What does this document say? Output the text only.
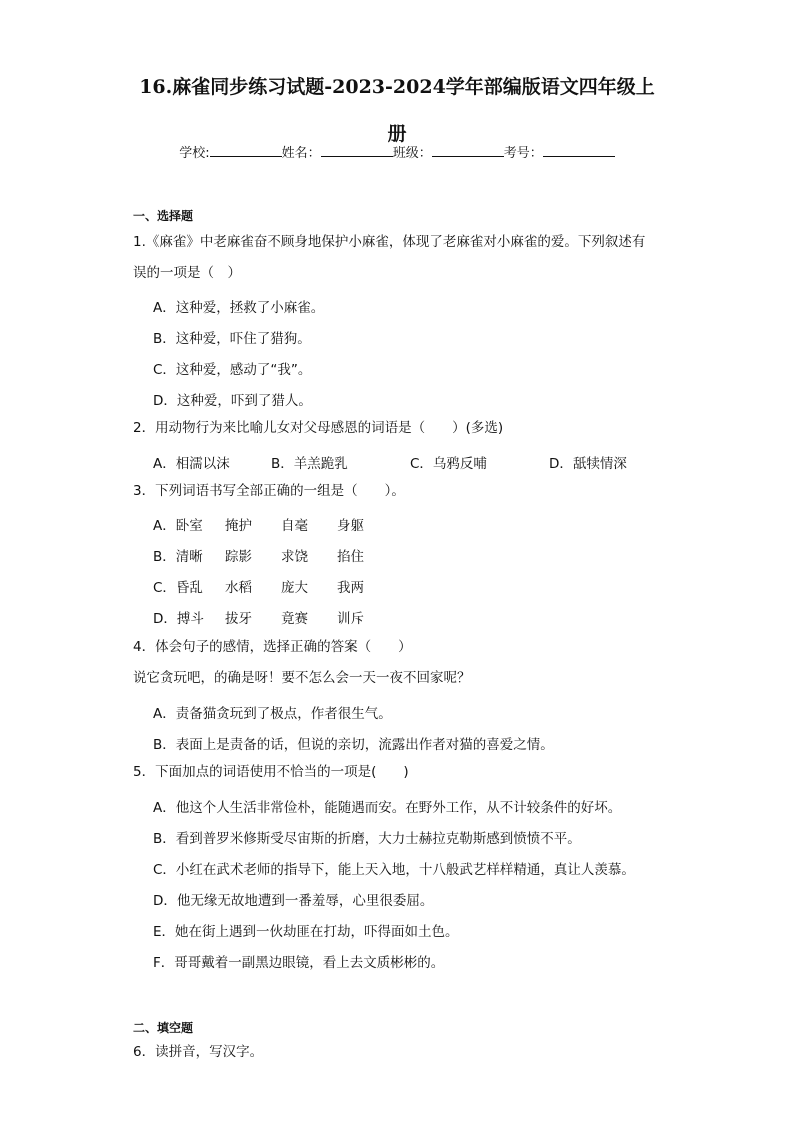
16.麻雀同步练习试题-2023-2024学年部编版语文四年级上
册
学校:	姓名：	班级：	考号：
一、选择题
1.《麻雀》中老麻雀奋不顾身地保护小麻雀，体现了老麻雀对小麻雀的爱。下列叙述有
误的一项是（　）
A．这种爱，拯救了小麻雀。
B．这种爱，吓住了猎狗。
C．这种爱，感动了“我”。
D．这种爱，吓到了猎人。
2．用动物行为来比喻儿女对父母感恩的词语是（　　）(多选)
A．相濡以沫	B．羊羔跪乳	C．乌鸦反哺	D．舐犊情深
3．下列词语书写全部正确的一组是（　　）。
A．卧室 掩护 自毫 身躯
B．清晰 踪影 求饶 掐住
C．昏乱 水稻 庞大 我两
D．搏斗 拔牙 竟赛 训斥
4．体会句子的感情，选择正确的答案（　　）
说它贪玩吧，的确是呀！要不怎么会一天一夜不回家呢？
A．责备猫贪玩到了极点，作者很生气。
B．表面上是责备的话，但说的亲切，流露出作者对猫的喜爱之情。
5．下面加点的词语使用不恰当的一项是(　　)
A．他这个人生活非常俭朴，能随遇而安。在野外工作，从不计较条件的好坏。
B．看到普罗米修斯受尽宙斯的折磨，大力士赫拉克勒斯感到愤愤不平。
C．小红在武术老师的指导下，能上天入地，十八般武艺样样精通，真让人羡慕。
D．他无缘无故地遭到一番羞辱，心里很委屈。
E．她在街上遇到一伙劫匪在打劫，吓得面如土色。
F．哥哥戴着一副黑边眼镜，看上去文质彬彬的。
二、填空题
6．读拼音，写汉字。
